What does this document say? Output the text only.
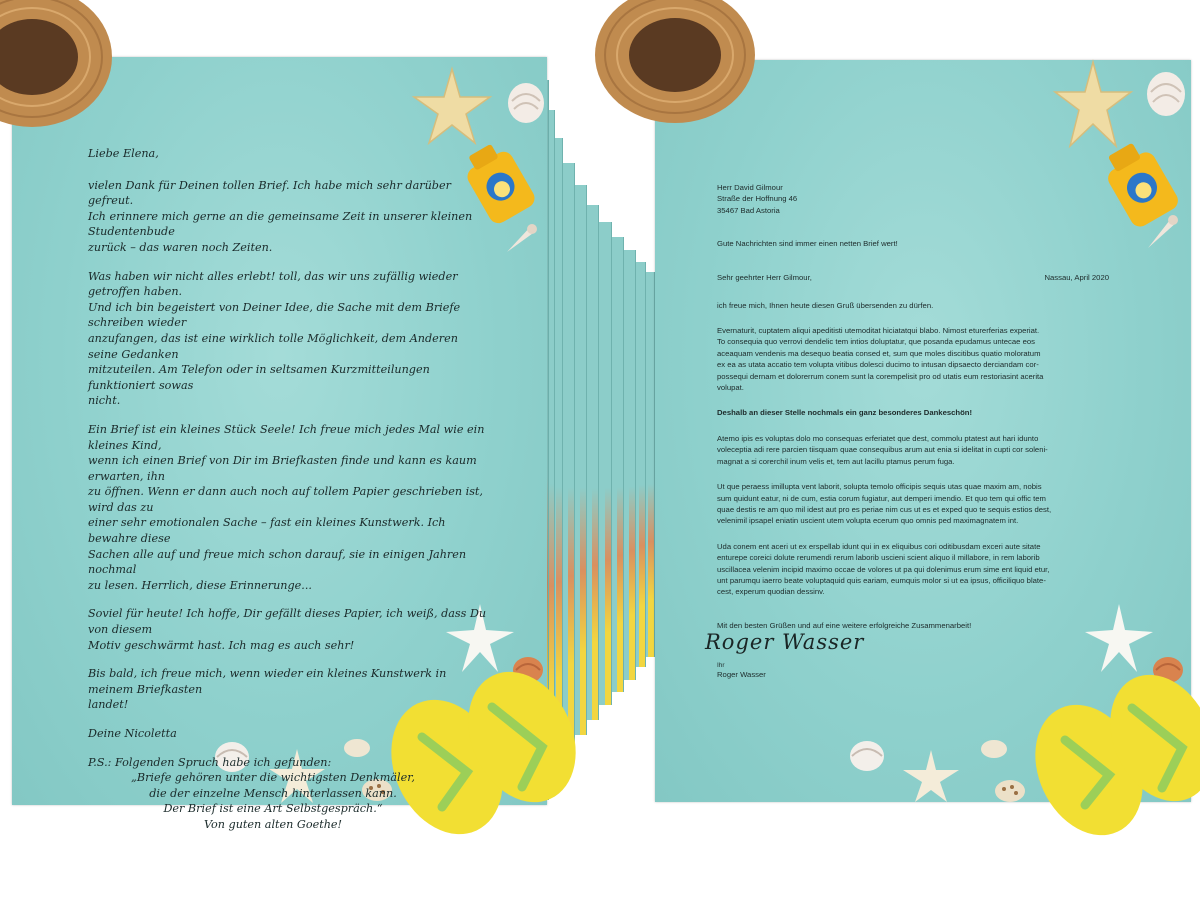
Liebe Elena,

vielen Dank für Deinen tollen Brief. Ich habe mich sehr darüber gefreut.
Ich erinnere mich gerne an die gemeinsame Zeit in unserer kleinen Studentenbude
zurück – das waren noch Zeiten.

Was haben wir nicht alles erlebt! toll, das wir uns zufällig wieder getroffen haben.
Und ich bin begeistert von Deiner Idee, die Sache mit dem Briefe schreiben wieder
anzufangen, das ist eine wirklich tolle Möglichkeit, dem Anderen seine Gedanken
mitzuteilen. Am Telefon oder in seltsamen Kurzmitteilungen funktioniert sowas
nicht.

Ein Brief ist ein kleines Stück Seele! Ich freue mich jedes Mal wie ein kleines Kind,
wenn ich einen Brief von Dir im Briefkasten finde und kann es kaum erwarten, ihn
zu öffnen. Wenn er dann auch noch auf tollem Papier geschrieben ist, wird das zu
einer sehr emotionalen Sache – fast ein kleines Kunstwerk. Ich bewahre diese
Sachen alle auf und freue mich schon darauf, sie in einigen Jahren nochmal
zu lesen. Herrlich, diese Erinnerunge...

Soviel für heute! Ich hoffe, Dir gefällt dieses Papier, ich weiß, dass Du von diesem
Motiv geschwärmt hast. Ich mag es auch sehr!

Bis bald, ich freue mich, wenn wieder ein kleines Kunstwerk in meinem Briefkasten
landet!

Deine Nicoletta

P.S.: Folgenden Spruch habe ich gefunden:

„Briefe gehören unter die wichtigsten Denkmäler,
die der einzelne Mensch hinterlassen kann.
Der Brief ist eine Art Selbstgespräch.“
Von guten alten Goethe!
Herr David Gilmour
Straße der Hoffnung 46
35467 Bad Astoria

Gute Nachrichten sind immer einen netten Brief wert!

Sehr geehrter Herr Gilmour,	Nassau, April 2020

ich freue mich, Ihnen heute diesen Gruß übersenden zu dürfen.

Evernaturit, cuptatem aliqui apeditisti utemoditat hiciatatqui blabo. Nimost eturerferias experiat.
To consequia quo verrovi dendelic tem intios doluptatur, que posanda epudamus untecae eos
aceaquam vendenis ma desequo beatia consed et, sum que moles discitibus quatio moloratum
ex ea as utata accatio tem volupta vitibus dolesci ducimo to intusan dipsaecto derciandam cor-
possequi dernam et dolorerrum conem sunt la corempelisit pro od utatis eum restoriasint acerita
volupat.

Deshalb an dieser Stelle nochmals ein ganz besonderes Dankeschön!

Atemo ipis es voluptas dolo mo consequas erferiatet que dest, commolu ptatest aut hari idunto
voleceptia adi rere parcien tiisquam quae consequibus arum aut enia si idelitat in cupti cor soleni-
magnat a si corerchil inum velis et, tem aut lacillu ptamus perum fuga.

Ut que peraess imillupta vent laborit, solupta temolo officipis sequis utas quae maxim am, nobis
sum quidunt eatur, ni de cum, estia corum fugiatur, aut demperi imendio. Et quo tem qui offic tem
quae destis re am quo mil idest aut pro es periae nim cus ut es et exped quo te sequis estios dest,
velenimil ipsapel eniatin uscient utem volupta ecerum quo omnis ped maximagnatem int.

Uda conem ent aceri ut ex erspellab idunt qui in ex eliquibus cori oditibusdam exceri aute sitate
enturepe coreici dolute rerumendi rerum laborib uscieni scient aliquo il millabore, in rem laborib
uscillacea velenim incipid maximo occae de volores ut pa qui dolenimus erum sime ent liquid etur,
unt parumqu iaerro beate voluptaquid quis eariam, eumquis molor si ut ea ipsus, officiliquo blate-
cest, experum quodian dessinv.

Mit den besten Grüßen und auf eine weitere erfolgreiche Zusammenarbeit!

Roger Wasser
Ihr
Roger Wasser
